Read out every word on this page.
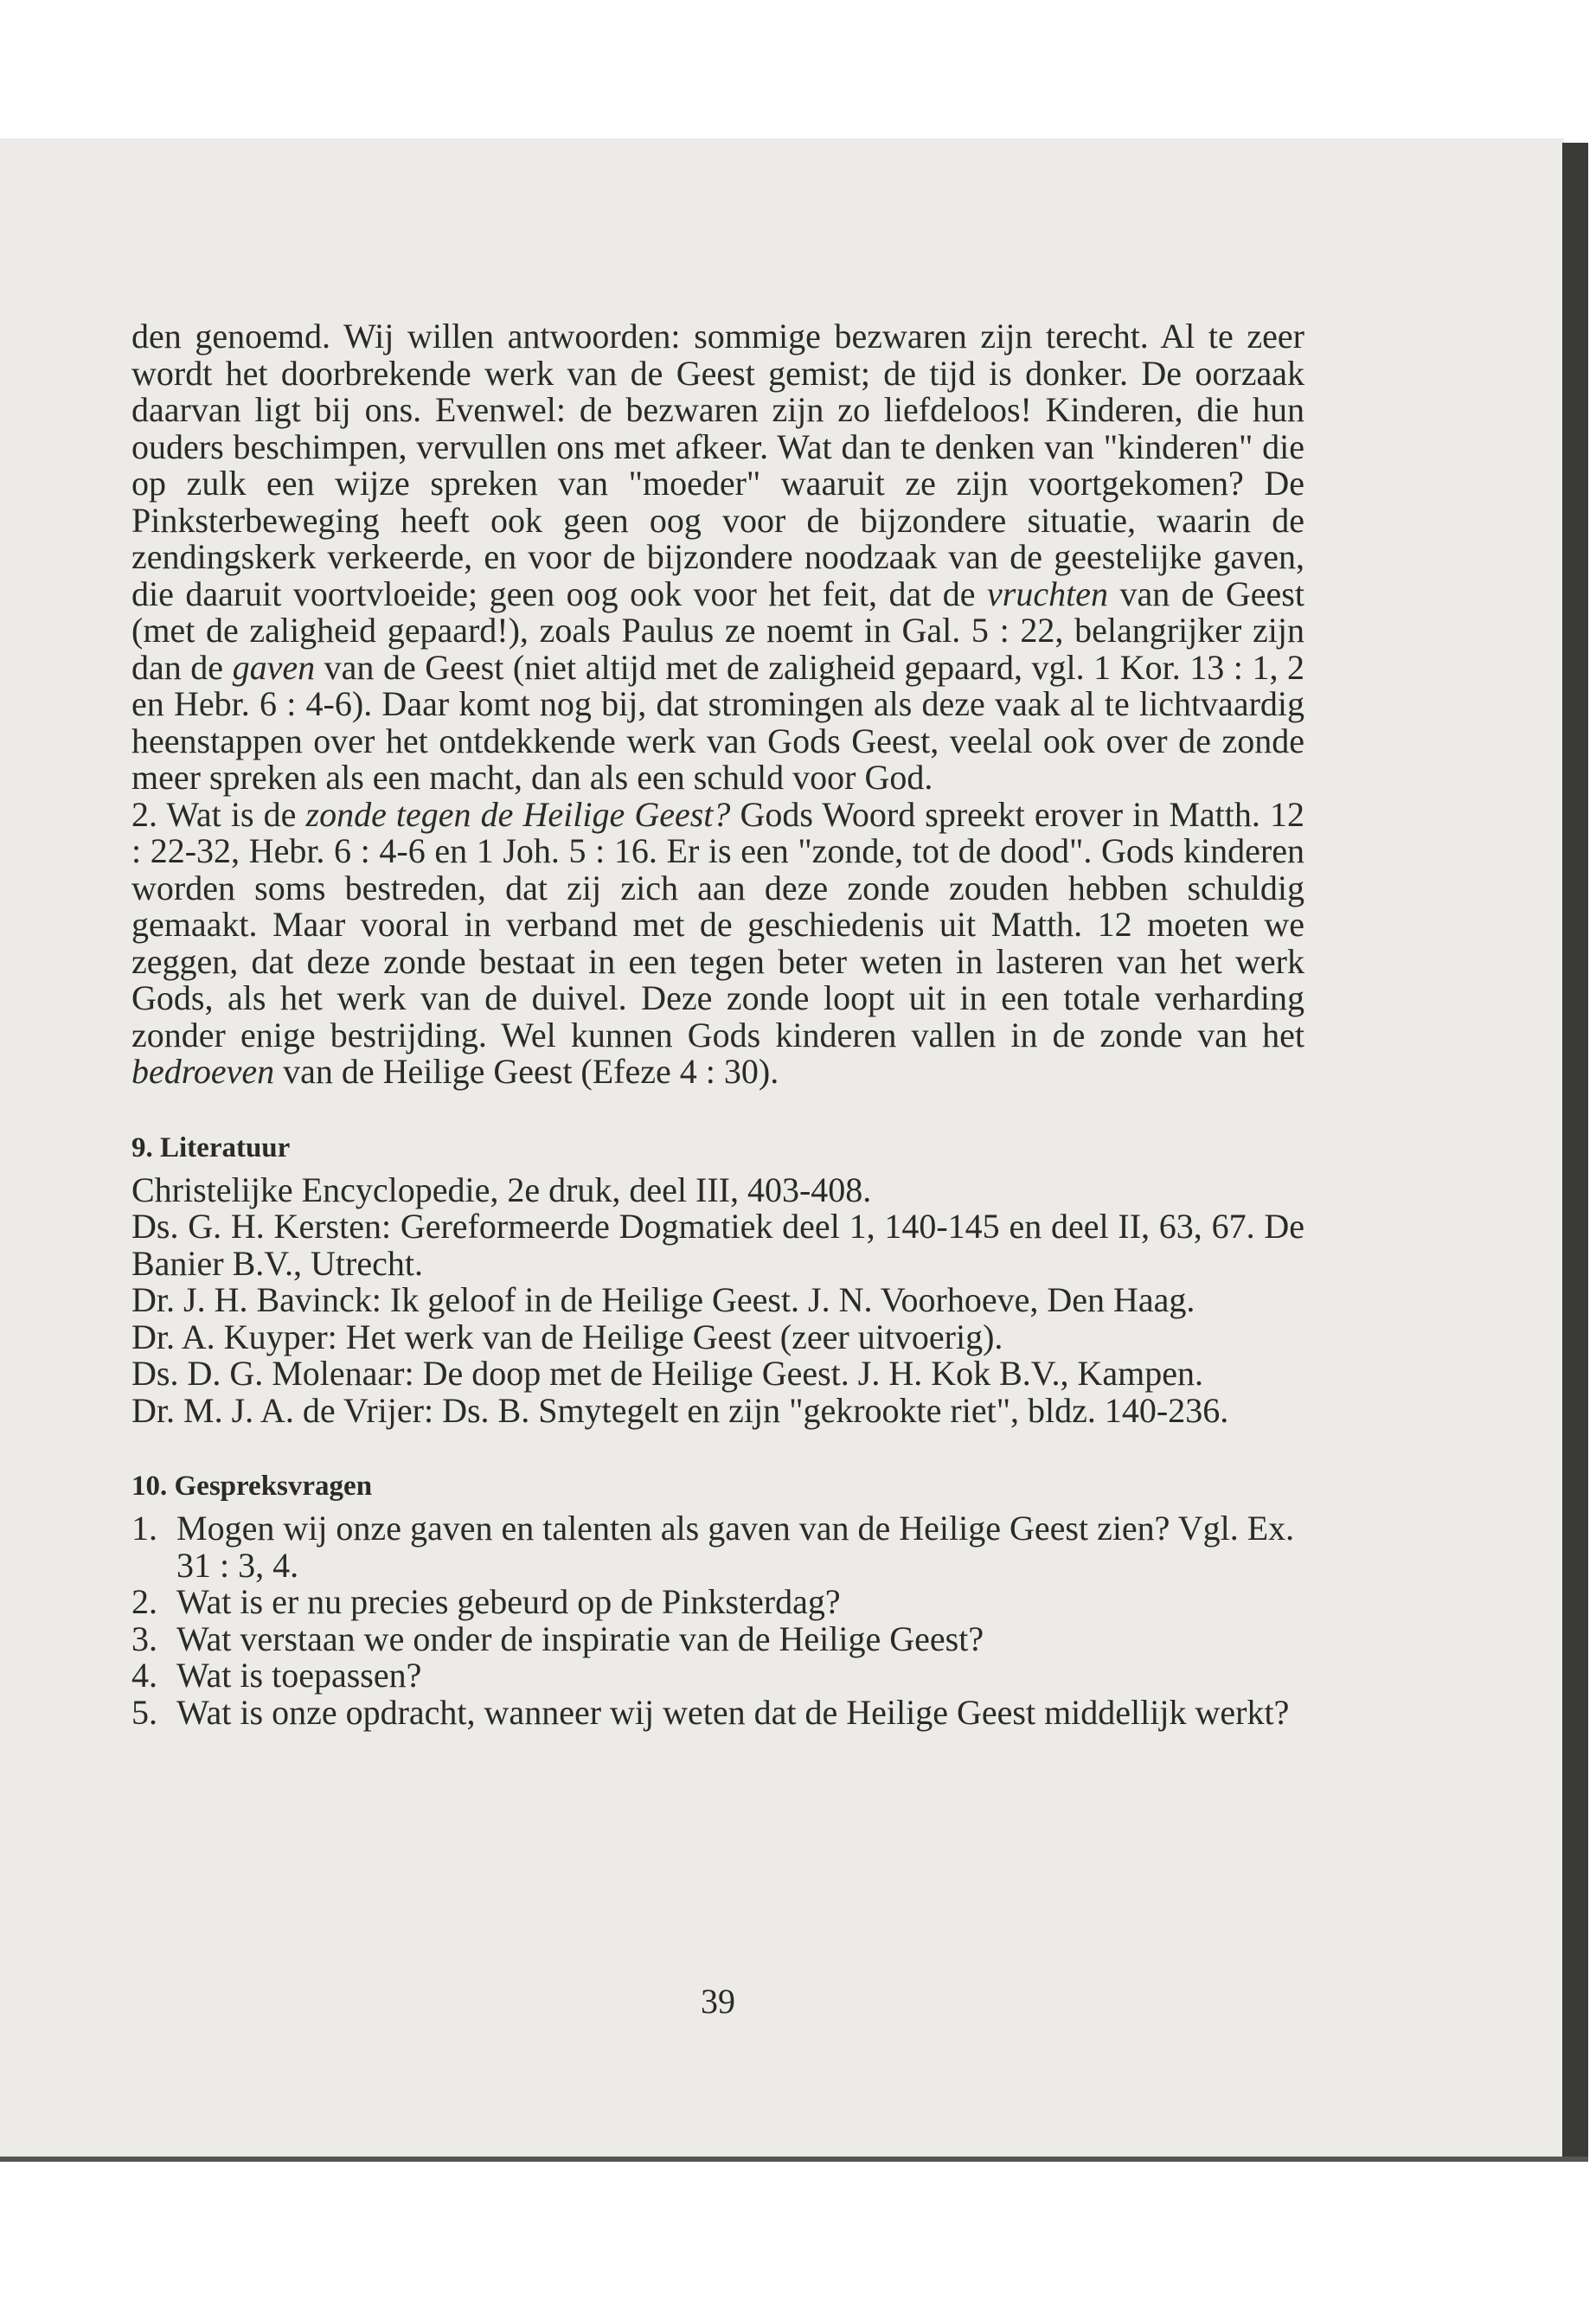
den genoemd. Wij willen antwoorden: sommige bezwaren zijn terecht. Al te zeer wordt het doorbrekende werk van de Geest gemist; de tijd is donker. De oorzaak daarvan ligt bij ons. Evenwel: de bezwaren zijn zo liefdeloos! Kinderen, die hun ouders beschimpen, vervullen ons met afkeer. Wat dan te denken van "kinderen" die op zulk een wijze spreken van "moeder" waaruit ze zijn voortgekomen? De Pinksterbeweging heeft ook geen oog voor de bijzondere situatie, waarin de zendingskerk verkeerde, en voor de bijzondere noodzaak van de geestelijke gaven, die daaruit voortvloeide; geen oog ook voor het feit, dat de vruchten van de Geest (met de zaligheid gepaard!), zoals Paulus ze noemt in Gal. 5 : 22, belangrijker zijn dan de gaven van de Geest (niet altijd met de zaligheid gepaard, vgl. 1 Kor. 13 : 1, 2 en Hebr. 6 : 4-6). Daar komt nog bij, dat stromingen als deze vaak al te lichtvaardig heenstappen over het ontdekkende werk van Gods Geest, veelal ook over de zonde meer spreken als een macht, dan als een schuld voor God.

2. Wat is de zonde tegen de Heilige Geest? Gods Woord spreekt erover in Matth. 12 : 22-32, Hebr. 6 : 4-6 en 1 Joh. 5 : 16. Er is een "zonde, tot de dood". Gods kinderen worden soms bestreden, dat zij zich aan deze zonde zouden hebben schuldig gemaakt. Maar vooral in verband met de geschiedenis uit Matth. 12 moeten we zeggen, dat deze zonde bestaat in een tegen beter weten in lasteren van het werk Gods, als het werk van de duivel. Deze zonde loopt uit in een totale verharding zonder enige bestrijding. Wel kunnen Gods kinderen vallen in de zonde van het bedroeven van de Heilige Geest (Efeze 4 : 30).

9. Literatuur

Christelijke Encyclopedie, 2e druk, deel III, 403-408.

Ds. G. H. Kersten: Gereformeerde Dogmatiek deel 1, 140-145 en deel II, 63, 67. De Banier B.V., Utrecht.

Dr. J. H. Bavinck: Ik geloof in de Heilige Geest. J. N. Voorhoeve, Den Haag.

Dr. A. Kuyper: Het werk van de Heilige Geest (zeer uitvoerig).

Ds. D. G. Molenaar: De doop met de Heilige Geest. J. H. Kok B.V., Kampen.

Dr. M. J. A. de Vrijer: Ds. B. Smytegelt en zijn "gekrookte riet", bldz. 140-236.

10. Gespreksvragen
1. Mogen wij onze gaven en talenten als gaven van de Heilige Geest zien? Vgl. Ex. 31 : 3, 4.
2. Wat is er nu precies gebeurd op de Pinksterdag?
3. Wat verstaan we onder de inspiratie van de Heilige Geest?
4. Wat is toepassen?
5. Wat is onze opdracht, wanneer wij weten dat de Heilige Geest middellijk werkt?
39
